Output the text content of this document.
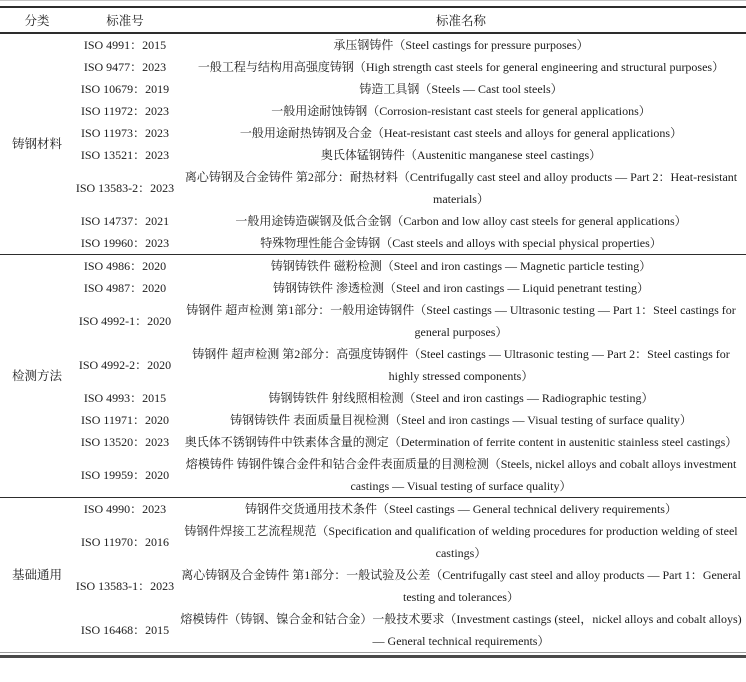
分类	标准号	标准名称
铸钢材料	ISO 4991：2015	承压钢铸件（Steel castings for pressure purposes）
	ISO 9477：2023	一般工程与结构用高强度铸钢（High strength cast steels for general engineering and structural purposes）
	ISO 10679：2019	铸造工具钢（Steels — Cast tool steels）
	ISO 11972：2023	一般用途耐蚀铸钢（Corrosion-resistant cast steels for general applications）
	ISO 11973：2023	一般用途耐热铸钢及合金（Heat-resistant cast steels and alloys for general applications）
	ISO 13521：2023	奥氏体锰钢铸件（Austenitic manganese steel castings）
	ISO 13583-2：2023	离心铸钢及合金铸件 第2部分：耐热材料（Centrifugally cast steel and alloy products — Part 2：Heat-resistant materials）
	ISO 14737：2021	一般用途铸造碳钢及低合金钢（Carbon and low alloy cast steels for general applications）
	ISO 19960：2023	特殊物理性能合金铸钢（Cast steels and alloys with special physical properties）
检测方法	ISO 4986：2020	铸钢铸铁件 磁粉检测（Steel and iron castings — Magnetic particle testing）
	ISO 4987：2020	铸钢铸铁件 渗透检测（Steel and iron castings — Liquid penetrant testing）
	ISO 4992-1：2020	铸钢件 超声检测 第1部分：一般用途铸钢件（Steel castings — Ultrasonic testing — Part 1：Steel castings for general purposes）
	ISO 4992-2：2020	铸钢件 超声检测 第2部分：高强度铸钢件（Steel castings — Ultrasonic testing — Part 2：Steel castings for highly stressed components）
	ISO 4993：2015	铸钢铸铁件 射线照相检测（Steel and iron castings — Radiographic testing）
	ISO 11971：2020	铸钢铸铁件 表面质量目视检测（Steel and iron castings — Visual testing of surface quality）
	ISO 13520：2023	奥氏体不锈钢铸件中铁素体含量的测定（Determination of ferrite content in austenitic stainless steel castings）
	ISO 19959：2020	熔模铸件 铸钢件镍合金件和钴合金件表面质量的目测检测（Steels, nickel alloys and cobalt alloys investment castings — Visual testing of surface quality）
基础通用	ISO 4990：2023	铸钢件交货通用技术条件（Steel castings — General technical delivery requirements）
	ISO 11970：2016	铸钢件焊接工艺流程规范（Specification and qualification of welding procedures for production welding of steel castings）
	ISO 13583-1：2023	离心铸钢及合金铸件 第1部分：一般试验及公差（Centrifugally cast steel and alloy products — Part 1：General testing and tolerances）
	ISO 16468：2015	熔模铸件（铸钢、镍合金和钴合金）一般技术要求（Investment castings (steel，nickel alloys and cobalt alloys) — General technical requirements）
